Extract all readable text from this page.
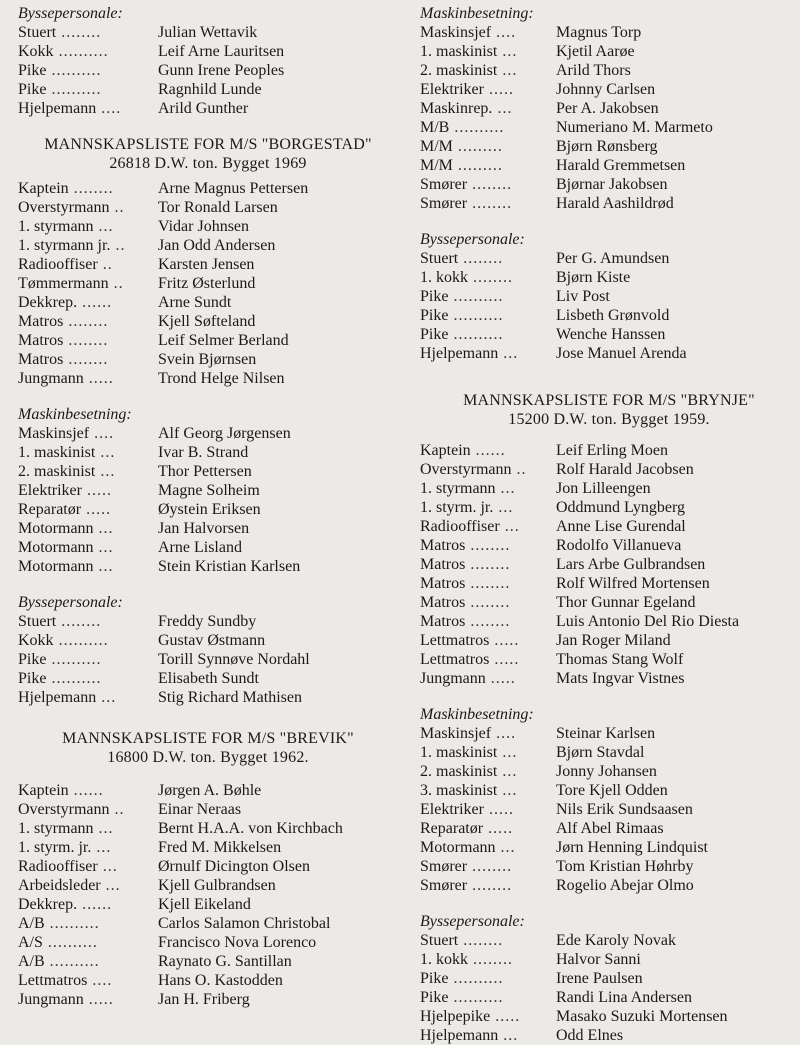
Byssepersonale:
Stuert ........	Julian Wettavik
Kokk ..........	Leif Arne Lauritsen
Pike ..........	Gunn Irene Peoples
Pike ..........	Ragnhild Lunde
Hjelpemann ....	Arild Gunther
MANNSKAPSLISTE FOR M/S "BORGESTAD"
26818 D.W. ton. Bygget 1969
Kaptein ........	Arne Magnus Pettersen
Overstyrmann ..	Tor Ronald Larsen
1. styrmann ...	Vidar Johnsen
1. styrmann jr. ..	Jan Odd Andersen
Radiooffiser ..	Karsten Jensen
Tømmermann ..	Fritz Østerlund
Dekkrep. ......	Arne Sundt
Matros ........	Kjell Søfteland
Matros ........	Leif Selmer Berland
Matros ........	Svein Bjørnsen
Jungmann .....	Trond Helge Nilsen
Maskinbesetning:
Maskinsjef ....	Alf Georg Jørgensen
1. maskinist ...	Ivar B. Strand
2. maskinist ...	Thor Pettersen
Elektriker .....	Magne Solheim
Reparatør .....	Øystein Eriksen
Motormann ...	Jan Halvorsen
Motormann ...	Arne Lisland
Motormann ...	Stein Kristian Karlsen
Byssepersonale:
Stuert ........	Freddy Sundby
Kokk ..........	Gustav Østmann
Pike ..........	Torill Synnøve Nordahl
Pike ..........	Elisabeth Sundt
Hjelpemann ...	Stig Richard Mathisen
MANNSKAPSLISTE FOR M/S "BREVIK"
16800 D.W. ton. Bygget 1962.
Kaptein ......	Jørgen A. Bøhle
Overstyrmann ..	Einar Neraas
1. styrmann ...	Bernt H.A.A. von Kirchbach
1. styrm. jr. ...	Fred M. Mikkelsen
Radiooffiser ...	Ørnulf Dicington Olsen
Arbeidsleder ...	Kjell Gulbrandsen
Dekkrep. ......	Kjell Eikeland
A/B ..........	Carlos Salamon Christobal
A/S ..........	Francisco Nova Lorenco
A/B ..........	Raynato G. Santillan
Lettmatros ....	Hans O. Kastodden
Jungmann .....	Jan H. Friberg
Maskinbesetning:
Maskinsjef ....	Magnus Torp
1. maskinist ...	Kjetil Aarøe
2. maskinist ...	Arild Thors
Elektriker .....	Johnny Carlsen
Maskinrep. ...	Per A. Jakobsen
M/B ..........	Numeriano M. Marmeto
M/M .........	Bjørn Rønsberg
M/M .........	Harald Gremmetsen
Smører ........	Bjørnar Jakobsen
Smører ........	Harald Aashildrød
Byssepersonale:
Stuert ........	Per G. Amundsen
1. kokk ........	Bjørn Kiste
Pike ..........	Liv Post
Pike ..........	Lisbeth Grønvold
Pike ..........	Wenche Hanssen
Hjelpemann ...	Jose Manuel Arenda
MANNSKAPSLISTE FOR M/S "BRYNJE"
15200 D.W. ton. Bygget 1959.
Kaptein ......	Leif Erling Moen
Overstyrmann ..	Rolf Harald Jacobsen
1. styrmann ...	Jon Lilleengen
1. styrm. jr. ...	Oddmund Lyngberg
Radiooffiser ...	Anne Lise Gurendal
Matros ........	Rodolfo Villanueva
Matros ........	Lars Arbe Gulbrandsen
Matros ........	Rolf Wilfred Mortensen
Matros ........	Thor Gunnar Egeland
Matros ........	Luis Antonio Del Rio Diesta
Lettmatros .....	Jan Roger Miland
Lettmatros .....	Thomas Stang Wolf
Jungmann .....	Mats Ingvar Vistnes
Maskinbesetning:
Maskinsjef ....	Steinar Karlsen
1. maskinist ...	Bjørn Stavdal
2. maskinist ...	Jonny Johansen
3. maskinist ...	Tore Kjell Odden
Elektriker .....	Nils Erik Sundsaasen
Reparatør .....	Alf Abel Rimaas
Motormann ...	Jørn Henning Lindquist
Smører ........	Tom Kristian Høhrby
Smører ........	Rogelio Abejar Olmo
Byssepersonale:
Stuert ........	Ede Karoly Novak
1. kokk ........	Halvor Sanni
Pike ..........	Irene Paulsen
Pike ..........	Randi Lina Andersen
Hjelpepike .....	Masako Suzuki Mortensen
Hjelpemann ...	Odd Elnes
